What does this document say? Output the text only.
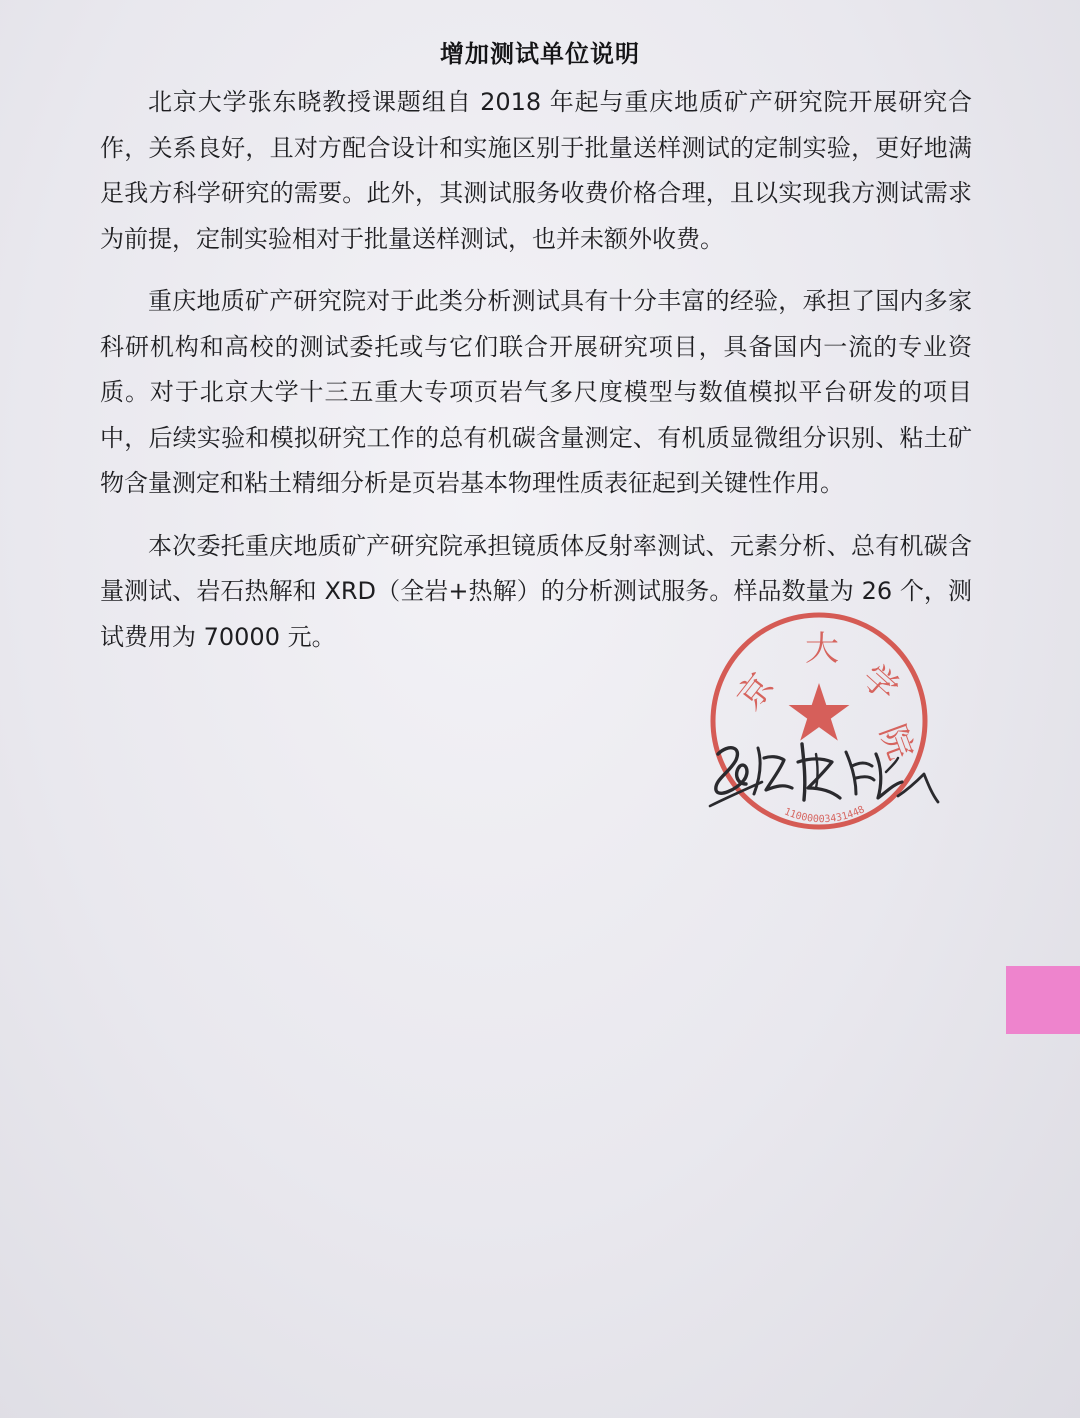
增加测试单位说明

北京大学张东晓教授课题组自 2018 年起与重庆地质矿产研究院开展研究合作，关系良好，且对方配合设计和实施区别于批量送样测试的定制实验，更好地满足我方科学研究的需要。此外，其测试服务收费价格合理，且以实现我方测试需求为前提，定制实验相对于批量送样测试，也并未额外收费。

重庆地质矿产研究院对于此类分析测试具有十分丰富的经验，承担了国内多家科研机构和高校的测试委托或与它们联合开展研究项目，具备国内一流的专业资质。对于北京大学十三五重大专项页岩气多尺度模型与数值模拟平台研发的项目中，后续实验和模拟研究工作的总有机碳含量测定、有机质显微组分识别、粘土矿物含量测定和粘土精细分析是页岩基本物理性质表征起到关键性作用。

本次委托重庆地质矿产研究院承担镜质体反射率测试、元素分析、总有机碳含量测试、岩石热解和 XRD（全岩+热解）的分析测试服务。样品数量为 26 个，测试费用为 70000 元。

京
大
学
院
11000003431448
